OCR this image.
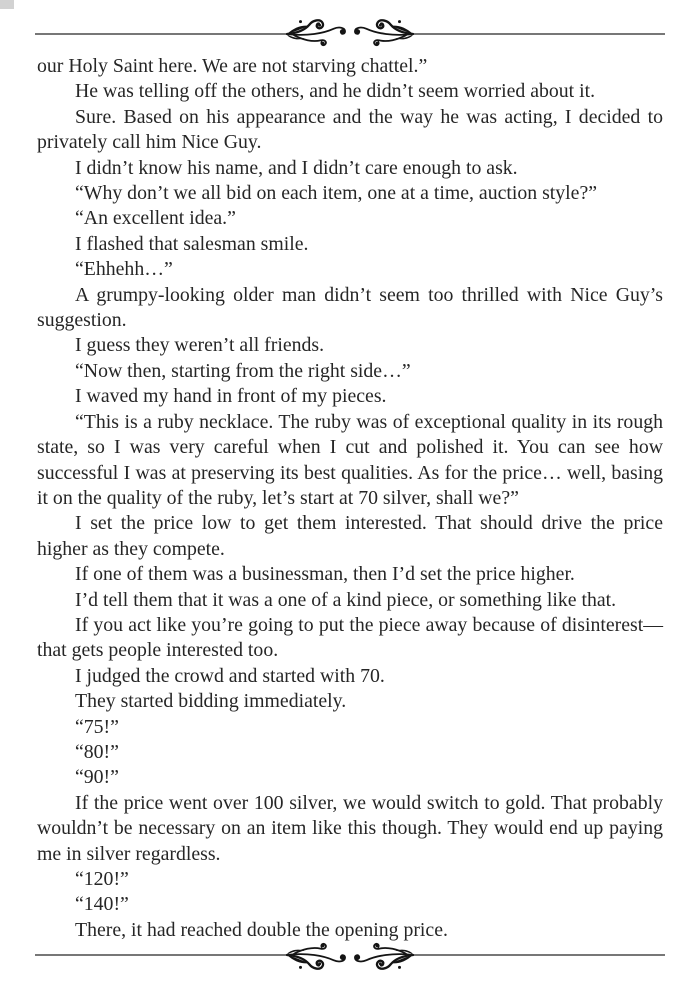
our Holy Saint here. We are not starving chattel.”

He was telling off the others, and he didn’t seem worried about it.

Sure. Based on his appearance and the way he was acting, I decided to privately call him Nice Guy.

I didn’t know his name, and I didn’t care enough to ask.

“Why don’t we all bid on each item, one at a time, auction style?”

“An excellent idea.”

I flashed that salesman smile.

“Ehhehh…”

A grumpy-looking older man didn’t seem too thrilled with Nice Guy’s suggestion.

I guess they weren’t all friends.

“Now then, starting from the right side…”

I waved my hand in front of my pieces.

“This is a ruby necklace. The ruby was of exceptional quality in its rough state, so I was very careful when I cut and polished it. You can see how successful I was at preserving its best qualities. As for the price… well, basing it on the quality of the ruby, let’s start at 70 silver, shall we?”

I set the price low to get them interested. That should drive the price higher as they compete.

If one of them was a businessman, then I’d set the price higher.

I’d tell them that it was a one of a kind piece, or something like that.

If you act like you’re going to put the piece away because of disinterest—that gets people interested too.

I judged the crowd and started with 70.

They started bidding immediately.

“75!”

“80!”

“90!”

If the price went over 100 silver, we would switch to gold. That probably wouldn’t be necessary on an item like this though. They would end up paying me in silver regardless.

“120!”

“140!”

There, it had reached double the opening price.
